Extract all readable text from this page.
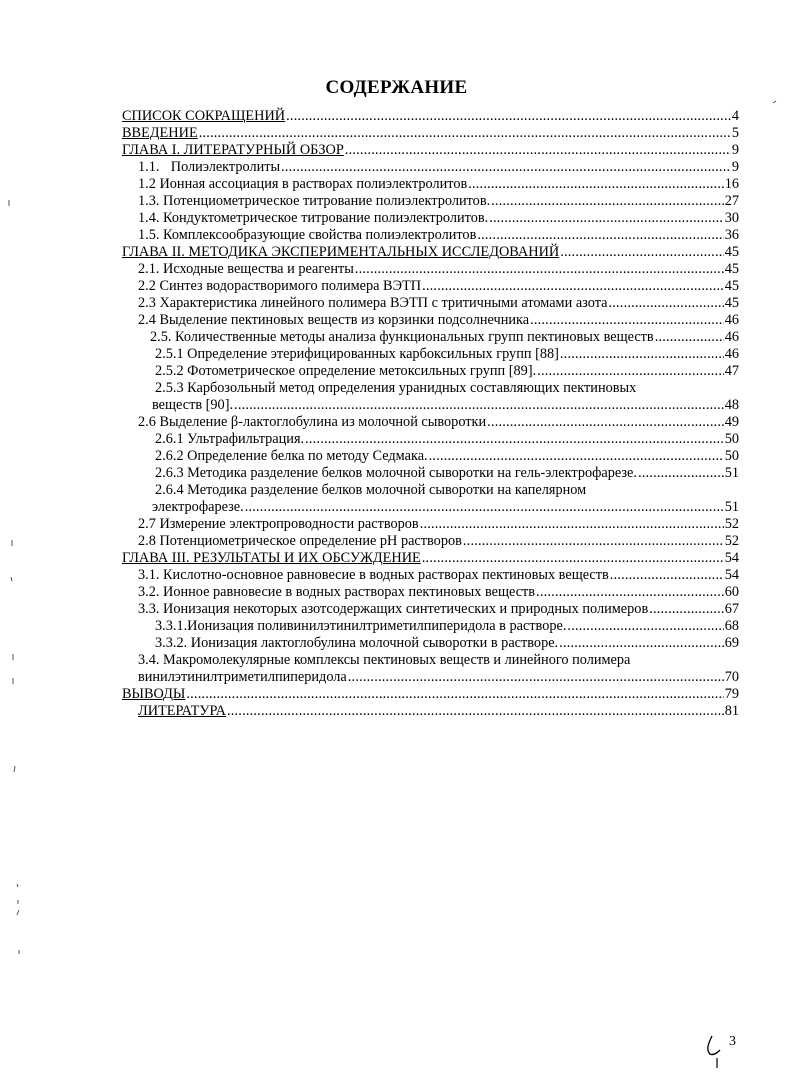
СОДЕРЖАНИЕ
СПИСОК СОКРАЩЕНИЙ .....	4
ВВЕДЕНИЕ .....	5
ГЛАВА I. ЛИТЕРАТУРНЫЙ ОБЗОР .....	9
1.1. Полиэлектролиты .....	9
1.2 Ионная ассоциация в растворах полиэлектролитов .....	16
1.3. Потенциометрическое титрование полиэлектролитов. .....	27
1.4. Кондуктометрическое титрование полиэлектролитов. .....	30
1.5. Комплексообразующие свойства полиэлектролитов .....	36
ГЛАВА II. МЕТОДИКА ЭКСПЕРИМЕНТАЛЬНЫХ ИССЛЕДОВАНИЙ .....	45
2.1. Исходные вещества и реагенты .....	45
2.2 Синтез водорастворимого полимера ВЭТП .....	45
2.3 Характеристика линейного полимера ВЭТП с тритичными атомами азота .....	45
2.4 Выделение пектиновых веществ из корзинки подсолнечника .....	46
2.5. Количественные методы анализа функциональных групп пектиновых веществ .....	46
2.5.1 Определение этерифицированных карбоксильных групп [88] .....	46
2.5.2 Фотометрическое определение метоксильных групп [89]. .....	47
2.5.3 Карбозольный метод определения уранидных составляющих пектиновых
веществ [90]. .....	48
2.6 Выделение β-лактоглобулина из молочной сыворотки .....	49
2.6.1 Ультрафильтрация. .....	50
2.6.2 Определение белка по методу Седмака. .....	50
2.6.3 Методика разделение белков молочной сыворотки на гель-электрофарезе. .....	51
2.6.4 Методика разделение белков молочной сыворотки на капелярном
электрофарезе. .....	51
2.7 Измерение электропроводности растворов .....	52
2.8 Потенциометрическое определение pH растворов .....	52
ГЛАВА III. РЕЗУЛЬТАТЫ И ИХ ОБСУЖДЕНИЕ .....	54
3.1. Кислотно-основное равновесие в водных растворах пектиновых веществ .....	54
3.2. Ионное равновесие в водных растворах пектиновых веществ .....	60
3.3. Ионизация некоторых азотсодержащих синтетических и природных полимеров .....	67
3.3.1.Ионизация поливинилэтинилтриметилпиперидола в растворе. .....	68
3.3.2. Ионизация лактоглобулина молочной сыворотки в растворе. .....	69
3.4. Макромолекулярные комплексы пектиновых веществ и линейного полимера
винилэтинилтриметилпиперидола .....	70
ВЫВОДЫ .....	79
ЛИТЕРАТУРА .....	81
3
